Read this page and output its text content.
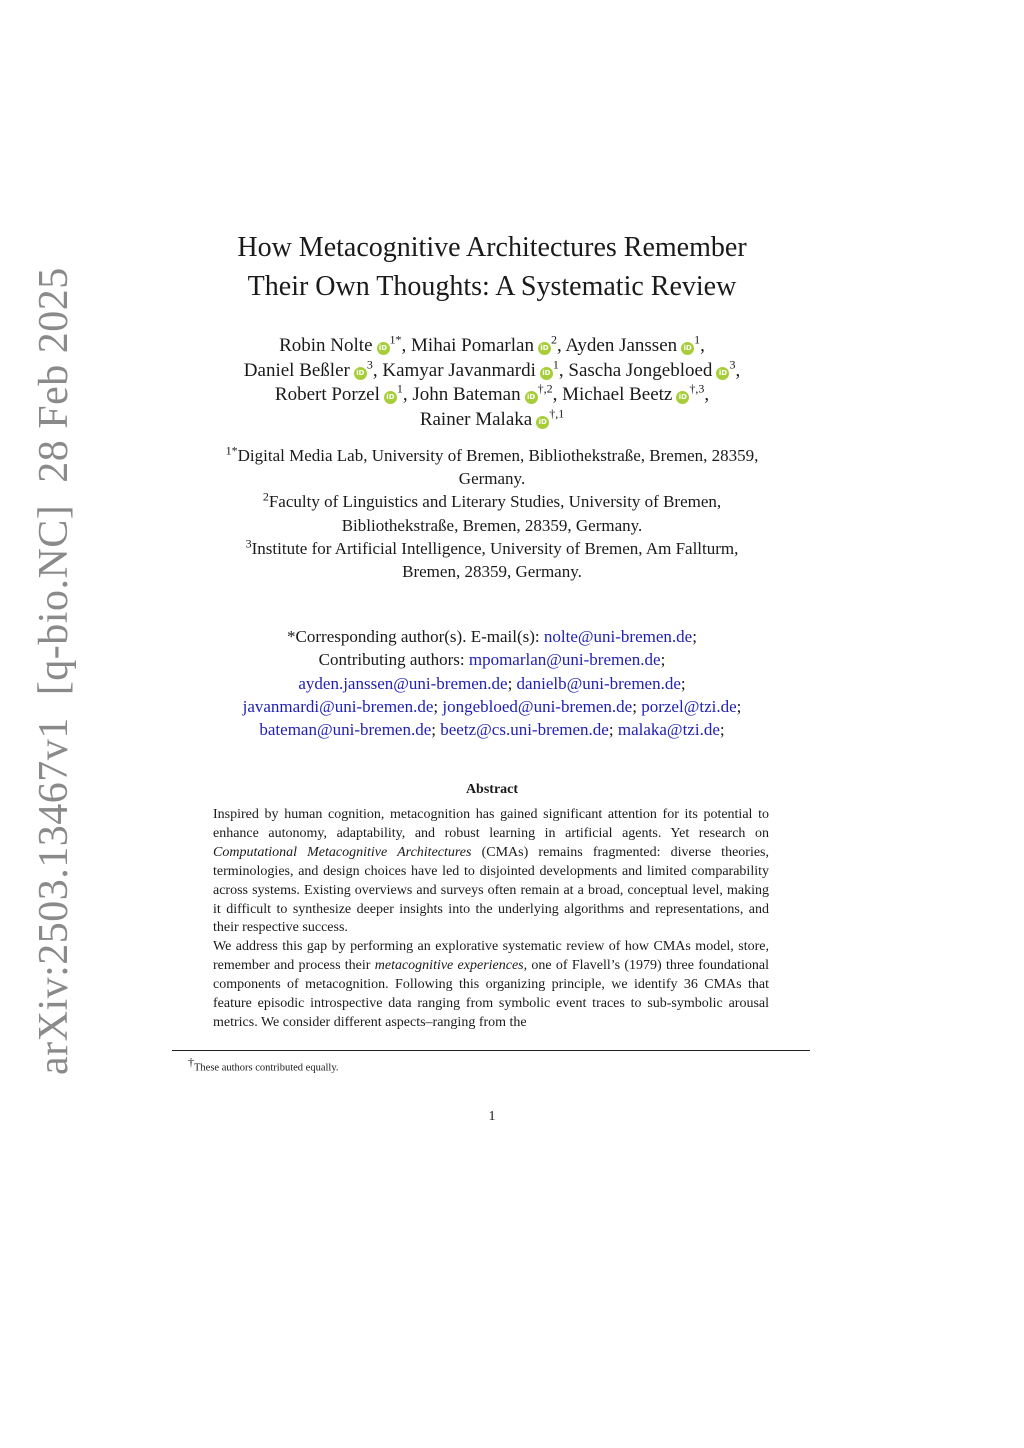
arXiv:2503.13467v1[q-bio.NC]28 Feb 2025
How Metacognitive Architectures Remember
Their Own Thoughts: A Systematic Review
Robin Nolte $iD^{1*}$, Mihai Pomarlan $iD^2$, Ayden Janssen $iD^1$,
Daniel Beßler $iD^3$, Kamyar Javanmardi $iD^1$, Sascha Jongebloed $iD^3$,
Robert Porzel $iD^1$, John Bateman $iD^{\dagger,2}$, Michael Beetz $iD^{\dagger,3}$,
Rainer Malaka $iD^{\dagger,1}$
$^{1*}$Digital Media Lab, University of Bremen, Bibliothekstraße, Bremen, 28359,
Germany.
$^2$Faculty of Linguistics and Literary Studies, University of Bremen,
Bibliothekstraße, Bremen, 28359, Germany.
$^3$Institute for Artificial Intelligence, University of Bremen, Am Fallturm,
Bremen, 28359, Germany.
*Corresponding author(s). E-mail(s): nolte@uni-bremen.de;
Contributing authors: mpomarlan@uni-bremen.de;
ayden.janssen@uni-bremen.de; danielb@uni-bremen.de;
javanmardi@uni-bremen.de; jongebloed@uni-bremen.de; porzel@tzi.de;
bateman@uni-bremen.de; beetz@cs.uni-bremen.de; malaka@tzi.de;
Abstract

Inspired by human cognition, metacognition has gained significant attention for its potential to enhance autonomy, adaptability, and robust learning in artificial agents. Yet research on Computational Metacognitive Architectures (CMAs) remains fragmented: diverse theories, terminologies, and design choices have led to disjointed developments and limited comparability across systems. Existing overviews and surveys often remain at a broad, conceptual level, making it difficult to synthesize deeper insights into the underlying algorithms and representations, and their respective success.

We address this gap by performing an explorative systematic review of how CMAs model, store, remember and process their metacognitive experiences, one of Flavell’s (1979) three foundational components of metacognition. Following this organizing principle, we identify 36 CMAs that feature episodic introspective data ranging from symbolic event traces to sub-symbolic arousal metrics. We consider different aspects–ranging from the

†These authors contributed equally.
1
